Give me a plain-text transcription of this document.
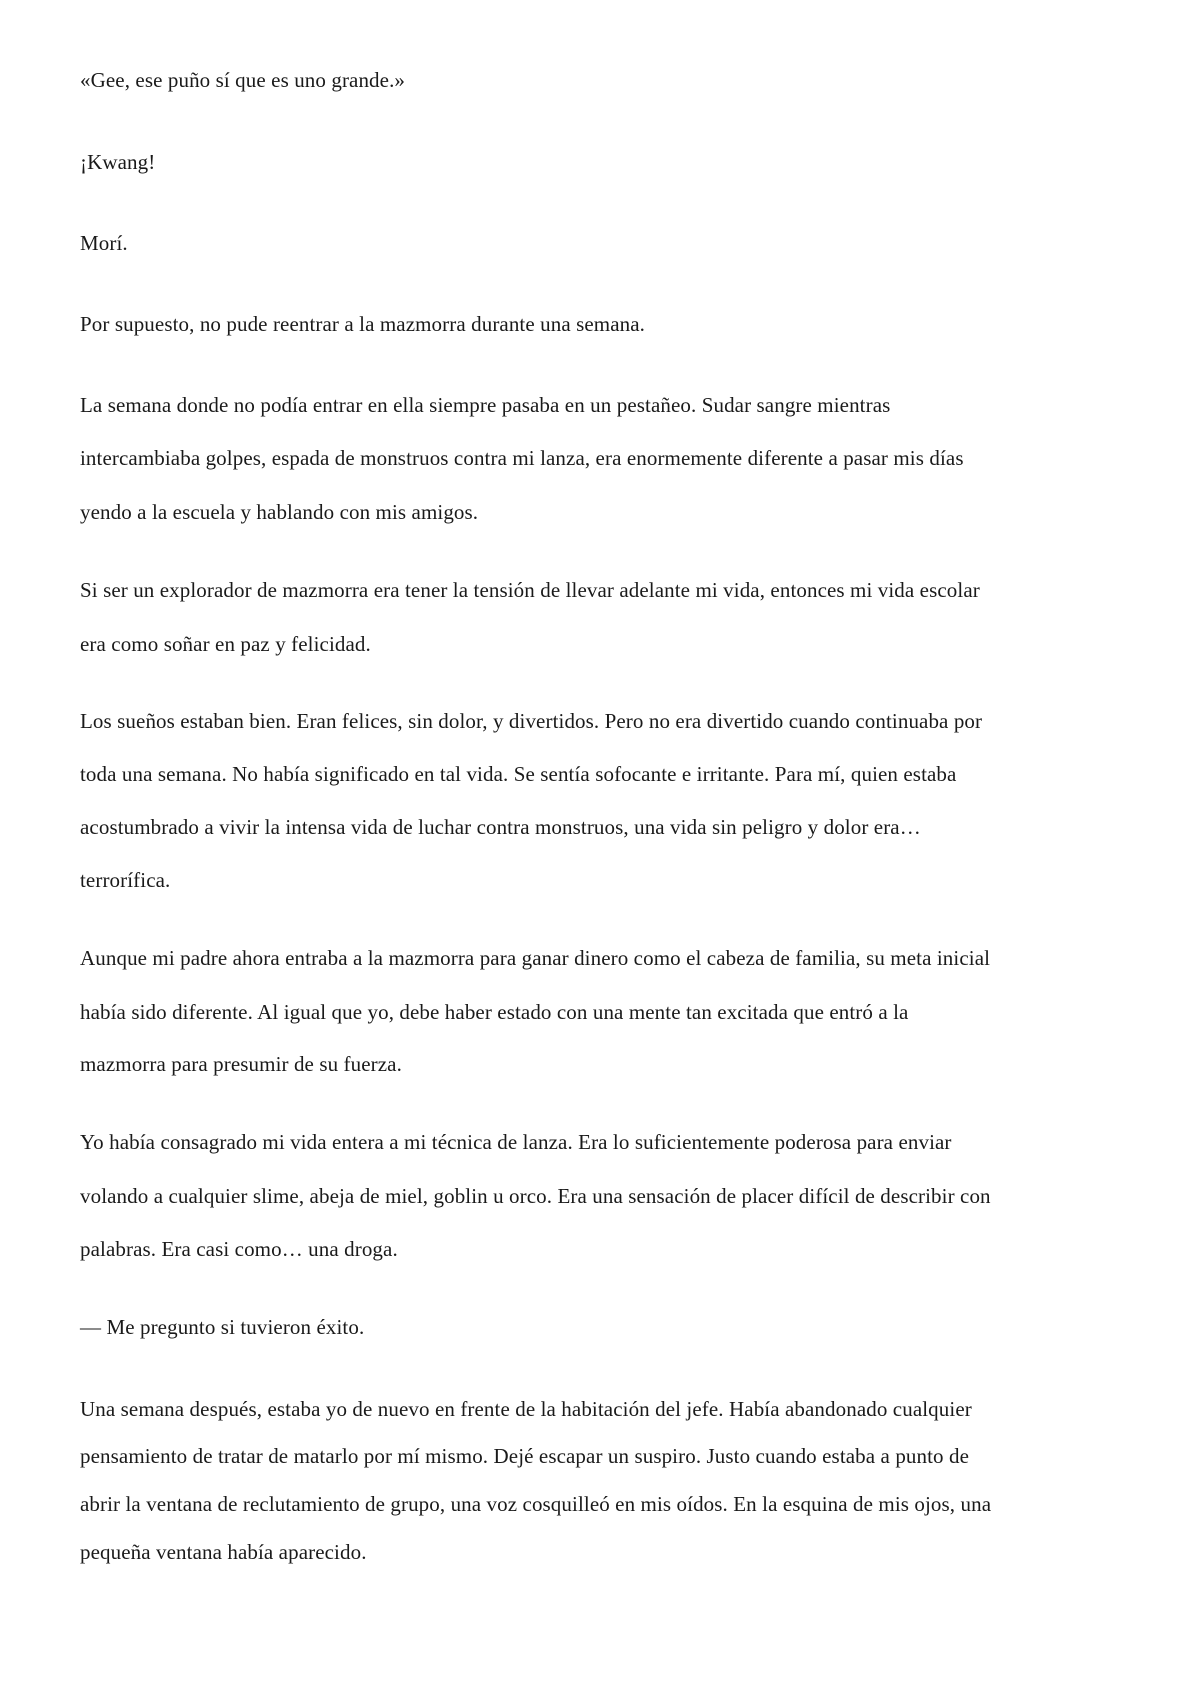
«Gee, ese puño sí que es uno grande.»
¡Kwang!
Morí.
Por supuesto, no pude reentrar a la mazmorra durante una semana.
La semana donde no podía entrar en ella siempre pasaba en un pestañeo. Sudar sangre mientras
intercambiaba golpes, espada de monstruos contra mi lanza, era enormemente diferente a pasar mis días
yendo a la escuela y hablando con mis amigos.
Si ser un explorador de mazmorra era tener la tensión de llevar adelante mi vida, entonces mi vida escolar
era como soñar en paz y felicidad.
Los sueños estaban bien. Eran felices, sin dolor, y divertidos. Pero no era divertido cuando continuaba por
toda una semana. No había significado en tal vida. Se sentía sofocante e irritante. Para mí, quien estaba
acostumbrado a vivir la intensa vida de luchar contra monstruos, una vida sin peligro y dolor era…
terrorífica.
Aunque mi padre ahora entraba a la mazmorra para ganar dinero como el cabeza de familia, su meta inicial
había sido diferente. Al igual que yo, debe haber estado con una mente tan excitada que entró a la
mazmorra para presumir de su fuerza.
Yo había consagrado mi vida entera a mi técnica de lanza. Era lo suficientemente poderosa para enviar
volando a cualquier slime, abeja de miel, goblin u orco. Era una sensación de placer difícil de describir con
palabras. Era casi como… una droga.
— Me pregunto si tuvieron éxito.
Una semana después, estaba yo de nuevo en frente de la habitación del jefe. Había abandonado cualquier
pensamiento de tratar de matarlo por mí mismo. Dejé escapar un suspiro. Justo cuando estaba a punto de
abrir la ventana de reclutamiento de grupo, una voz cosquilleó en mis oídos. En la esquina de mis ojos, una
pequeña ventana había aparecido.
